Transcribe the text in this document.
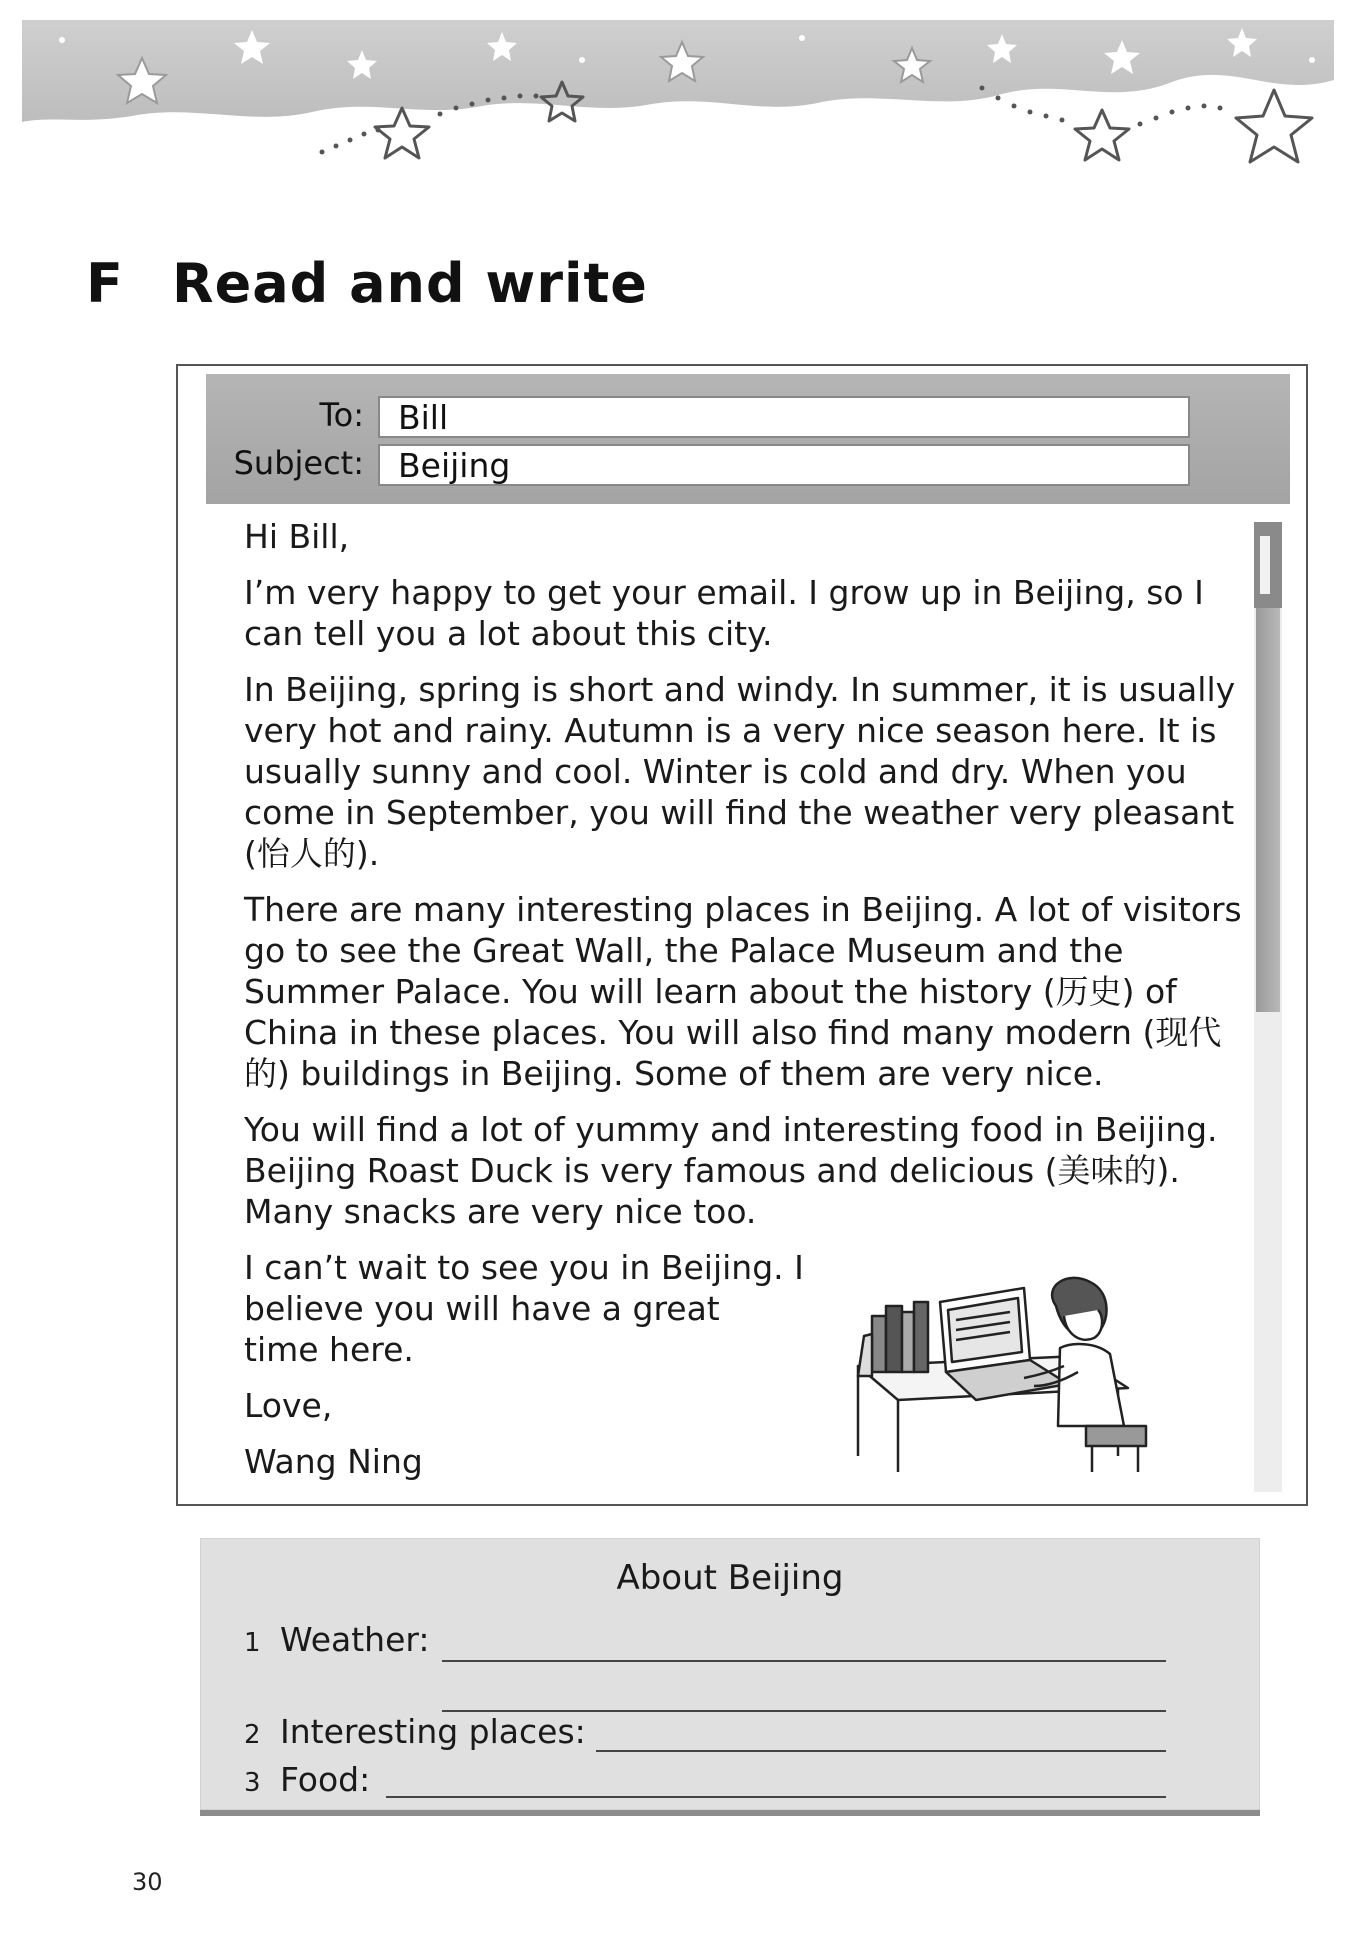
F Read and write
To:	Bill
Subject:	Beijing

Hi Bill,

I’m very happy to get your email. I grow up in Beijing, so I can tell you a lot about this city.

In Beijing, spring is short and windy. In summer, it is usually very hot and rainy. Autumn is a very nice season here. It is usually sunny and cool. Winter is cold and dry. When you come in September, you will find the weather very pleasant (怡人的).

There are many interesting places in Beijing. A lot of visitors go to see the Great Wall, the Palace Museum and the Summer Palace. You will learn about the history (历史) of China in these places. You will also find many modern (现代的) buildings in Beijing. Some of them are very nice.

You will find a lot of yummy and interesting food in Beijing. Beijing Roast Duck is very famous and delicious (美味的). Many snacks are very nice too.

I can’t wait to see you in Beijing. I believe you will have a great time here.

Love,

Wang Ning

About Beijing
1 Weather:
2 Interesting places:
3 Food:
30
